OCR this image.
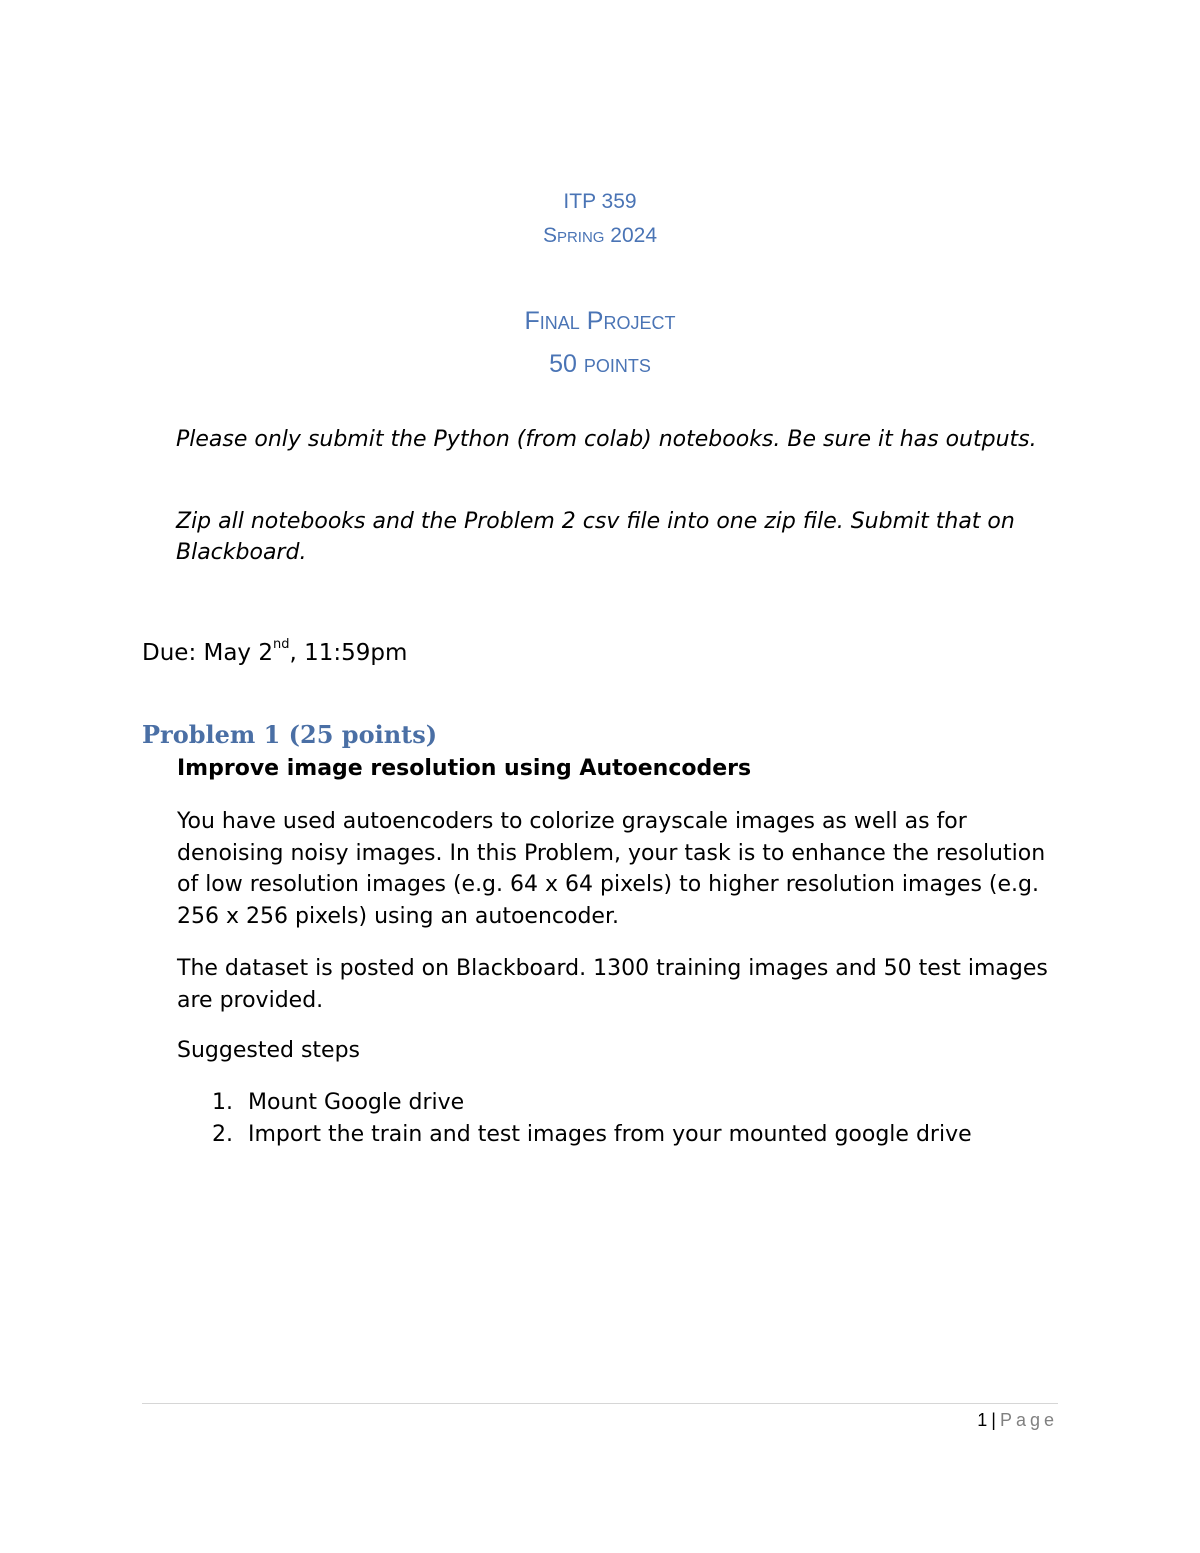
ITP 359
Spring 2024
Final Project
50 points

Please only submit the Python (from colab) notebooks. Be sure it has outputs.

Zip all notebooks and the Problem 2 csv file into one zip file. Submit that on Blackboard.

Due: May 2nd, 11:59pm
Problem 1 (25 points)
Improve image resolution using Autoencoders

You have used autoencoders to colorize grayscale images as well as for denoising noisy images. In this Problem, your task is to enhance the resolution of low resolution images (e.g. 64 x 64 pixels) to higher resolution images (e.g. 256 x 256 pixels) using an autoencoder.

The dataset is posted on Blackboard. 1300 training images and 50 test images are provided.

Suggested steps

1. Mount Google drive
2. Import the train and test images from your mounted google drive
1 | Page
